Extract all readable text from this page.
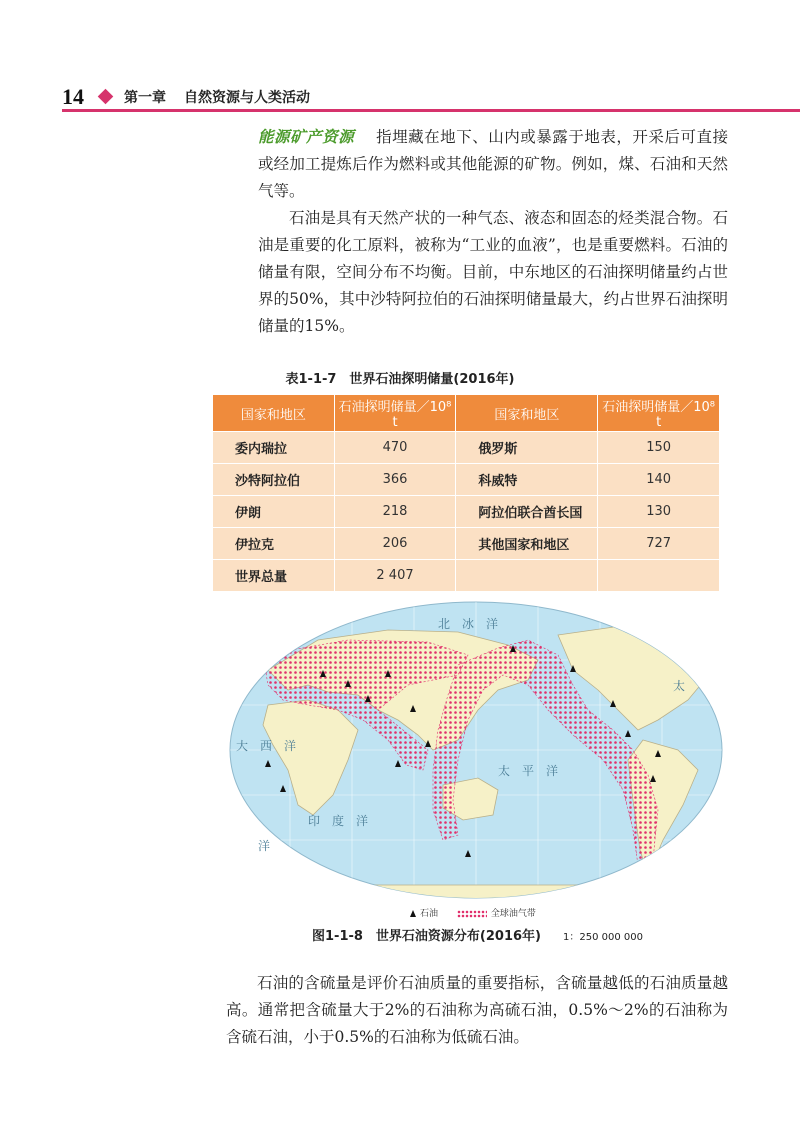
14	第一章 自然资源与人类活动

能源矿产资源 指埋藏在地下、山内或暴露于地表，开采后可直接或经加工提炼后作为燃料或其他能源的矿物。例如，煤、石油和天然气等。

石油是具有天然产状的一种气态、液态和固态的烃类混合物。石油是重要的化工原料，被称为“工业的血液”，也是重要燃料。石油的储量有限，空间分布不均衡。目前，中东地区的石油探明储量约占世界的50%，其中沙特阿拉伯的石油探明储量最大，约占世界石油探明储量的15%。

表1-1-7　世界石油探明储量(2016年)
国家和地区	石油探明储量／10⁸ t	国家和地区	石油探明储量／10⁸ t
委内瑞拉	470	俄罗斯	150
沙特阿拉伯	366	科威特	140
伊朗	218	阿拉伯联合酋长国	130
伊拉克	206	其他国家和地区	727
世界总量	2 407		
北　冰　洋
太
太　平　洋
大　西　洋
印　度　洋
洋
石油	全球油气带
图1-1-8　世界石油资源分布(2016年) 1：250 000 000

石油的含硫量是评价石油质量的重要指标，含硫量越低的石油质量越高。通常把含硫量大于2%的石油称为高硫石油，0.5%～2%的石油称为含硫石油，小于0.5%的石油称为低硫石油。
